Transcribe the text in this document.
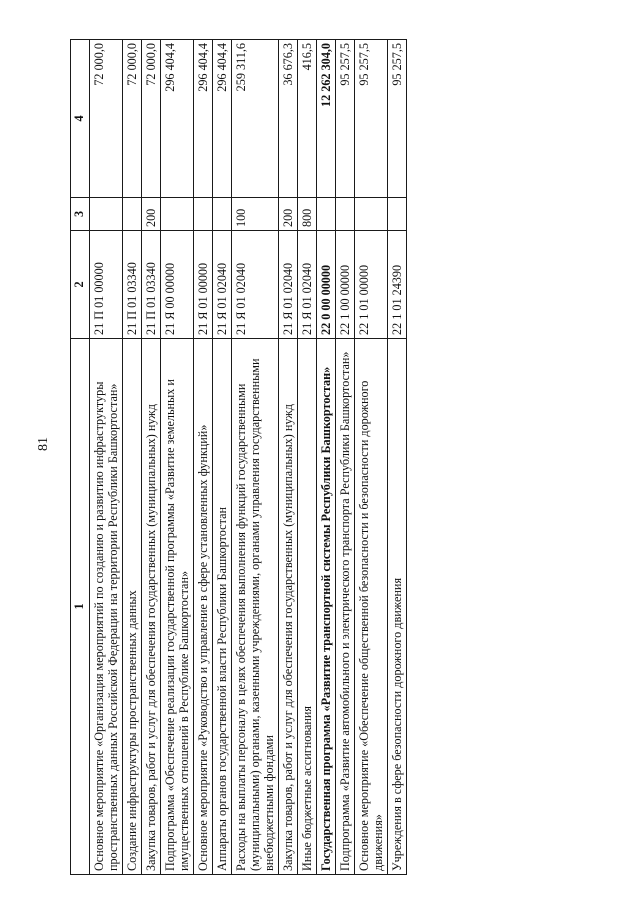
81
1	2	3	4
Основное мероприятие «Организация мероприятий по созданию и развитию инфраструктуры пространственных данных Российской Федерации на территории Республики Башкортостан»	21 П 01 00000		72 000,0
Создание инфраструктуры пространственных данных	21 П 01 03340		72 000,0
Закупка товаров, работ и услуг для обеспечения государственных (муниципальных) нужд	21 П 01 03340	200	72 000,0
Подпрограмма «Обеспечение реализации государственной программы «Развитие земельных и имущественных отношений в Республике Башкортостан»	21 Я 00 00000		296 404,4
Основное мероприятие «Руководство и управление в сфере установленных функций»	21 Я 01 00000		296 404,4
Аппараты органов государственной власти Республики Башкортостан	21 Я 01 02040		296 404,4
Расходы на выплаты персоналу в целях обеспечения выполнения функций государственными (муниципальными) органами, казенными учреждениями, органами управления государственными внебюджетными фондами	21 Я 01 02040	100	259 311,6
Закупка товаров, работ и услуг для обеспечения государственных (муниципальных) нужд	21 Я 01 02040	200	36 676,3
Иные бюджетные ассигнования	21 Я 01 02040	800	416,5
Государственная программа «Развитие транспортной системы Республики Башкортостан»	22 0 00 00000		12 262 304,0
Подпрограмма «Развитие автомобильного и электрического транспорта Республики Башкортостан»	22 1 00 00000		95 257,5
Основное мероприятие «Обеспечение общественной безопасности и безопасности дорожного движения»	22 1 01 00000		95 257,5
Учреждения в сфере безопасности дорожного движения	22 1 01 24390		95 257,5
